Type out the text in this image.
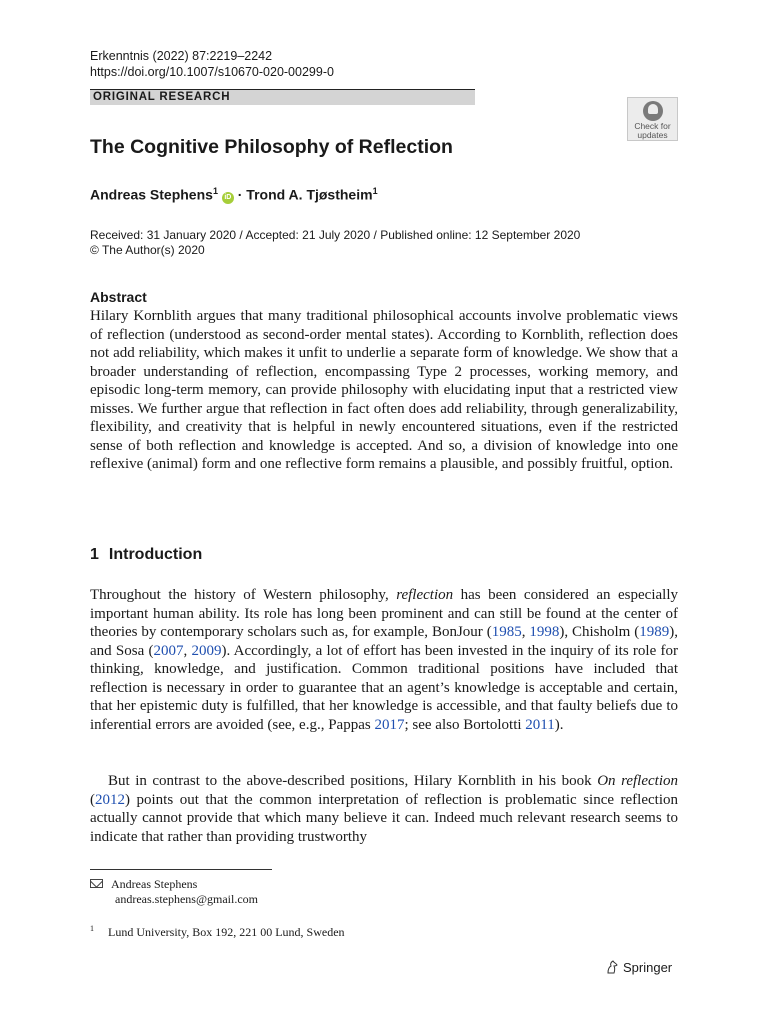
Erkenntnis (2022) 87:2219–2242
https://doi.org/10.1007/s10670-020-00299-0
ORIGINAL RESEARCH
Check for
updates
The Cognitive Philosophy of Reflection
Andreas Stephens$^1$ iD · Trond A. Tjøstheim$^1$
Received: 31 January 2020 / Accepted: 21 July 2020 / Published online: 12 September 2020
© The Author(s) 2020
Abstract

Hilary Kornblith argues that many traditional philosophical accounts involve problematic views of reflection (understood as second-order mental states). According to Kornblith, reflection does not add reliability, which makes it unfit to underlie a separate form of knowledge. We show that a broader understanding of reflection, encompassing Type 2 processes, working memory, and episodic long-term memory, can provide philosophy with elucidating input that a restricted view misses. We further argue that reflection in fact often does add reliability, through generalizability, flexibility, and creativity that is helpful in newly encountered situations, even if the restricted sense of both reflection and knowledge is accepted. And so, a division of knowledge into one reflexive (animal) form and one reflective form remains a plausible, and possibly fruitful, option.

1 Introduction

Throughout the history of Western philosophy, reflection has been considered an especially important human ability. Its role has long been prominent and can still be found at the center of theories by contemporary scholars such as, for example, BonJour (1985, 1998), Chisholm (1989), and Sosa (2007, 2009). Accordingly, a lot of effort has been invested in the inquiry of its role for thinking, knowledge, and justification. Common traditional positions have included that reflection is necessary in order to guarantee that an agent’s knowledge is acceptable and certain, that her epistemic duty is fulfilled, that her knowledge is accessible, and that faulty beliefs due to inferential errors are avoided (see, e.g., Pappas 2017; see also Bortolotti 2011).

But in contrast to the above-described positions, Hilary Kornblith in his book On reflection (2012) points out that the common interpretation of reflection is problematic since reflection actually cannot provide that which many believe it can. Indeed much relevant research seems to indicate that rather than providing trustworthy

Andreas Stephens
andreas.stephens@gmail.com
$^1$ Lund University, Box 192, 221 00 Lund, Sweden
Springer
